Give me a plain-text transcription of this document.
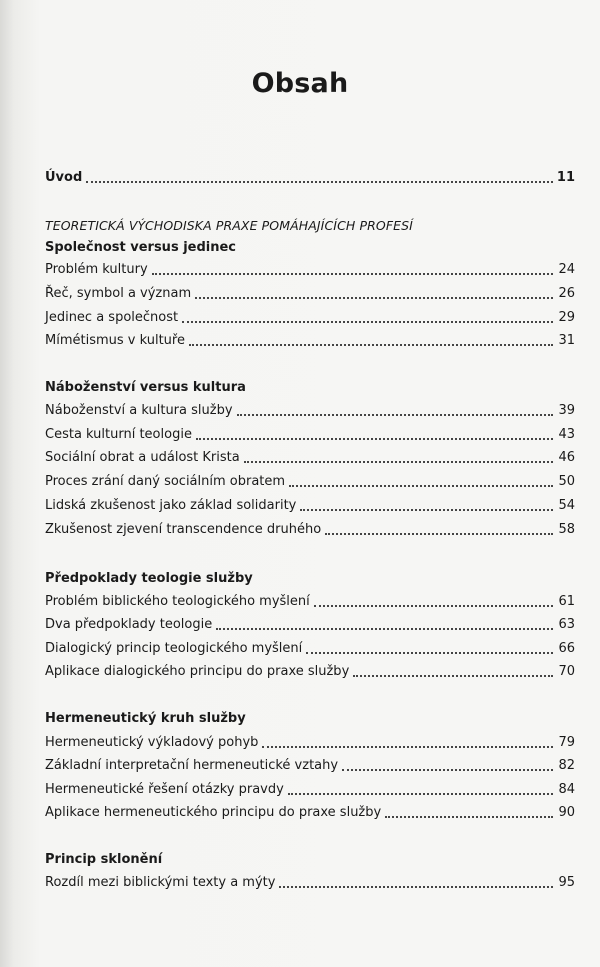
Obsah
Úvod	11
TEORETICKÁ VÝCHODISKA PRAXE POMÁHAJÍCÍCH PROFESÍ
Společnost versus jedinec
Problém kultury	24
Řeč, symbol a význam	26
Jedinec a společnost	29
Mímétismus v kultuře	31
Náboženství versus kultura
Náboženství a kultura služby	39
Cesta kulturní teologie	43
Sociální obrat a událost Krista	46
Proces zrání daný sociálním obratem	50
Lidská zkušenost jako základ solidarity	54
Zkušenost zjevení transcendence druhého	58
Předpoklady teologie služby
Problém biblického teologického myšlení	61
Dva předpoklady teologie	63
Dialogický princip teologického myšlení	66
Aplikace dialogického principu do praxe služby	70
Hermeneutický kruh služby
Hermeneutický výkladový pohyb	79
Základní interpretační hermeneutické vztahy	82
Hermeneutické řešení otázky pravdy	84
Aplikace hermeneutického principu do praxe služby	90
Princip sklonění
Rozdíl mezi biblickými texty a mýty	95
